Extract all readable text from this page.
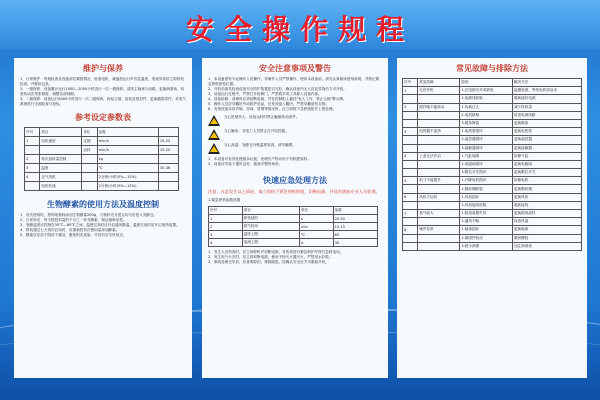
安全操作规程
维护与保养
1、日常维护：每班检查各连接部位紧固情况，检查电机、减速机运行声音及温度，发现异常应立即停机检查，并做好记录。
2、一级保养：设备累计运行1000—2000小时进行一次一级保养，清洗主轴承与油路，更换润滑油，检查传动皮带张紧度，调整各部间隙。
3、二级保养：设备运行5000小时进行一次二级保养，拆检主轴、齿轮及密封件，更换磨损零件，对电气系统进行全面检查与校验。
参考设定参数表
序号	项目	单位	参数	
1	电机速度	定期	min/h	15-25
		运转	min/h	15-20
2	每次加料量控制		kg	
3	温度		℃	35-36
4	含气风机		2分钟/小时(5%—15%)	
	电机转速		2分钟/小时(5%—15%)	
生物酵素的使用方法及温度控制
1、首次使用时，按每吨物料添加生物酵素200g，与物料充分混合均匀后投入发酵仓。
2、日常补充：每天按投料量的千分之一补充酵素，保证菌种活性。
3、发酵温度应控制在35℃—60℃之间，温度过高时应开启通风降温，温度过低时应开启加热装置。
4、停机超过七天再次启用时，应重新按首次使用量添加酵素。
5、酵素应存放于阴凉干燥处，避免阳光直射，开封后应尽快用完。
安全注意事项及警告
1、本设备需有专业操作人员操作，非操作人员严禁操作，使用本设备前，请先认真阅读使用说明，并熟记紧急停机按钮位置。
2、开机前请先检查设备安全防护装置是否完好，确认设备内无人员及异物后方可开机。
3、设备运行过程中，严禁打开检修门，严禁将手或工具伸入设备内部。
4、设备检修、清理时必须切断电源，并在控制柜上悬挂"有人工作，禁止合闸"警示牌。
5、操作人员应穿戴好劳动防护用品，长发须盘入帽内，严禁穿戴宽松衣物。
6、发现设备异常声响、异味、冒烟等情况时，应立即按下急停按钮并上报处理。
当心机械伤人：设备运转时禁止触碰转动部件。
当心触电：非电工人员禁止打开电控箱。
当心高温：发酵仓外壁温度较高，请勿触摸。
1、本设备可有效处理厨余垃圾，处理后产物可用于有机肥原料。
2、设备应安装于通风良好、地面平整的场所。
快速应急处理方法
注意：凡是发生以上情况，请立即按下紧急停机按钮，切断电源，并及时通知专业人员处理。
1.紧急停机参数设置
序号	项目	单位	参数
1	停机延时	s	20-30
2	排气时间	min	10-15
3	温度上限	℃	65
4	电流上限	A	30
1、发生人员伤害时，应立即停机并切断电源，对伤者进行紧急救护并拨打急救电话。
2、发生电气火灾时，应立即切断电源，使用干粉灭火器灭火，严禁用水扑救。
3、事故处理完毕后，应查明原因，排除隐患，经确认安全后方可重新开机。
常见故障与排除方法
序号	常见故障	原因	解决方法
1	无法开机	1.总电源未开或缺电	接通电源，等待电机再启动
		2.电源线松脱	重新接好电源
2	搅拌轴不能转动	1.负载过大	减少投料量
		2.电机缺相	检查电源线路
		3.链条断裂	更换链条
3	电热器不加热	1.电热管损坏	更换电热管
		2.温控器损坏	更换温控器
		3.接触器损坏	更换接触器
4	上盖无法开启	1.气缸故障	检修气缸
		2.电磁阀损坏	更换电磁阀
		3.限位开关损坏	更换限位开关
5	料斗不能提升	1.升降电机损坏	检修电机
		2.钢丝绳断裂	更换钢丝绳
6	风机不运转	1.风机损坏	更换风机
		2.风机接线松脱	重新接线
7	臭气较大	1.除臭装置失效	更换除臭滤料
		2.通风不畅	检查风道
8	噪声异常	1.轴承损坏	更换轴承
		2.紧固件松动	紧固螺栓
		3.缺少润滑	加注润滑油
